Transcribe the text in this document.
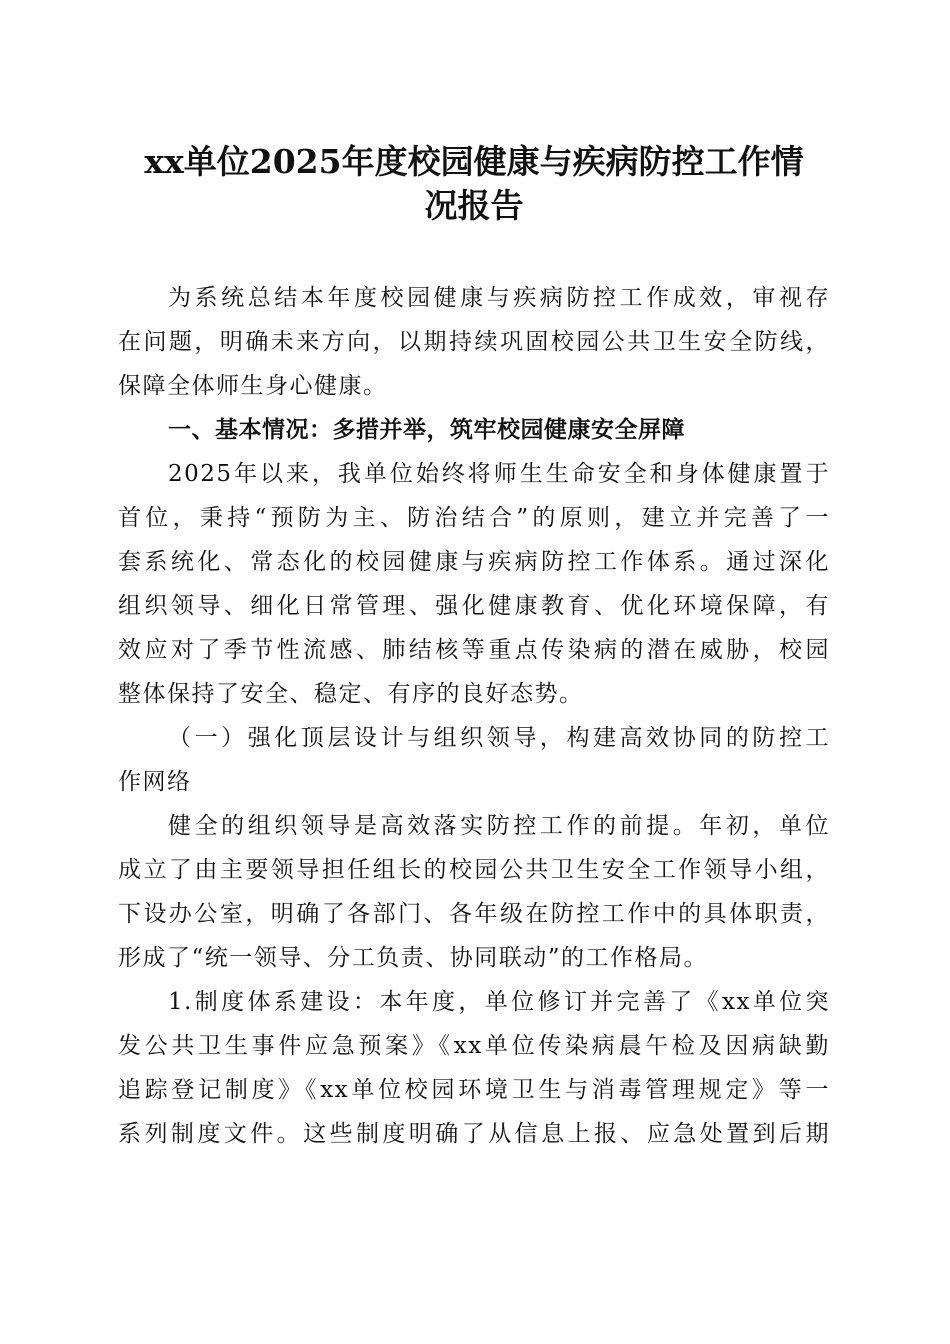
xx单位2025年度校园健康与疾病防控工作情
况报告
为系统总结本年度校园健康与疾病防控工作成效，审视存
在问题，明确未来方向，以期持续巩固校园公共卫生安全防线，
保障全体师生身心健康。
一、基本情况：多措并举，筑牢校园健康安全屏障
2025年以来，我单位始终将师生生命安全和身体健康置于
首位，秉持“预防为主、防治结合”的原则，建立并完善了一
套系统化、常态化的校园健康与疾病防控工作体系。通过深化
组织领导、细化日常管理、强化健康教育、优化环境保障，有
效应对了季节性流感、肺结核等重点传染病的潜在威胁，校园
整体保持了安全、稳定、有序的良好态势。
（一）强化顶层设计与组织领导，构建高效协同的防控工
作网络
健全的组织领导是高效落实防控工作的前提。年初，单位
成立了由主要领导担任组长的校园公共卫生安全工作领导小组，
下设办公室，明确了各部门、各年级在防控工作中的具体职责，
形成了“统一领导、分工负责、协同联动”的工作格局。
1.制度体系建设：本年度，单位修订并完善了《xx单位突
发公共卫生事件应急预案》《xx单位传染病晨午检及因病缺勤
追踪登记制度》《xx单位校园环境卫生与消毒管理规定》等一
系列制度文件。这些制度明确了从信息上报、应急处置到后期
